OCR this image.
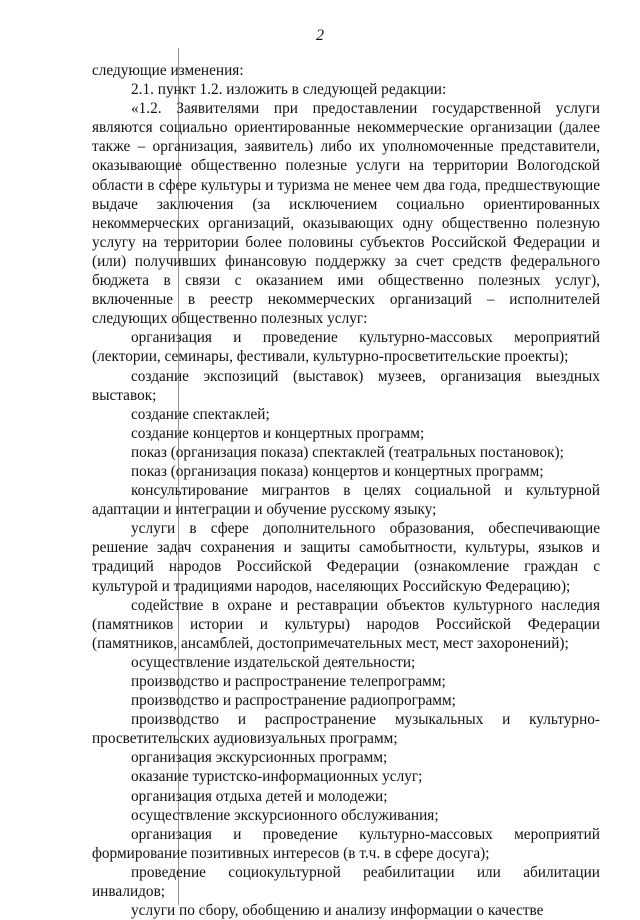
2

следующие изменения:

2.1. пункт 1.2. изложить в следующей редакции:

«1.2. Заявителями при предоставлении государственной услуги являются социально ориентированные некоммерческие организации (далее также – организация, заявитель) либо их уполномоченные представители, оказывающие общественно полезные услуги на территории Вологодской области в сфере культуры и туризма не менее чем два года, предшествующие выдаче заключения (за исключением социально ориентированных некоммерческих организаций, оказывающих одну общественно полезную услугу на территории более половины субъектов Российской Федерации и (или) получивших финансовую поддержку за счет средств федерального бюджета в связи с оказанием ими общественно полезных услуг), включенные в реестр некоммерческих организаций – исполнителей следующих общественно полезных услуг:

организация и проведение культурно-массовых мероприятий (лектории, семинары, фестивали, культурно-просветительские проекты);

создание экспозиций (выставок) музеев, организация выездных выставок;

создание спектаклей;

создание концертов и концертных программ;

показ (организация показа) спектаклей (театральных постановок);

показ (организация показа) концертов и концертных программ;

консультирование мигрантов в целях социальной и культурной адаптации и интеграции и обучение русскому языку;

услуги в сфере дополнительного образования, обеспечивающие решение задач сохранения и защиты самобытности, культуры, языков и традиций народов Российской Федерации (ознакомление граждан с культурой и традициями народов, населяющих Российскую Федерацию);

содействие в охране и реставрации объектов культурного наследия (памятников истории и культуры) народов Российской Федерации (памятников, ансамблей, достопримечательных мест, мест захоронений);

осуществление издательской деятельности;

производство и распространение телепрограмм;

производство и распространение радиопрограмм;

производство и распространение музыкальных и культурно-просветительских аудиовизуальных программ;

организация экскурсионных программ;

оказание туристско-информационных услуг;

организация отдыха детей и молодежи;

осуществление экскурсионного обслуживания;

организация и проведение культурно-массовых мероприятий формирование позитивных интересов (в т.ч. в сфере досуга);

проведение социокультурной реабилитации или абилитации инвалидов;

услуги по сбору, обобщению и анализу информации о качестве
